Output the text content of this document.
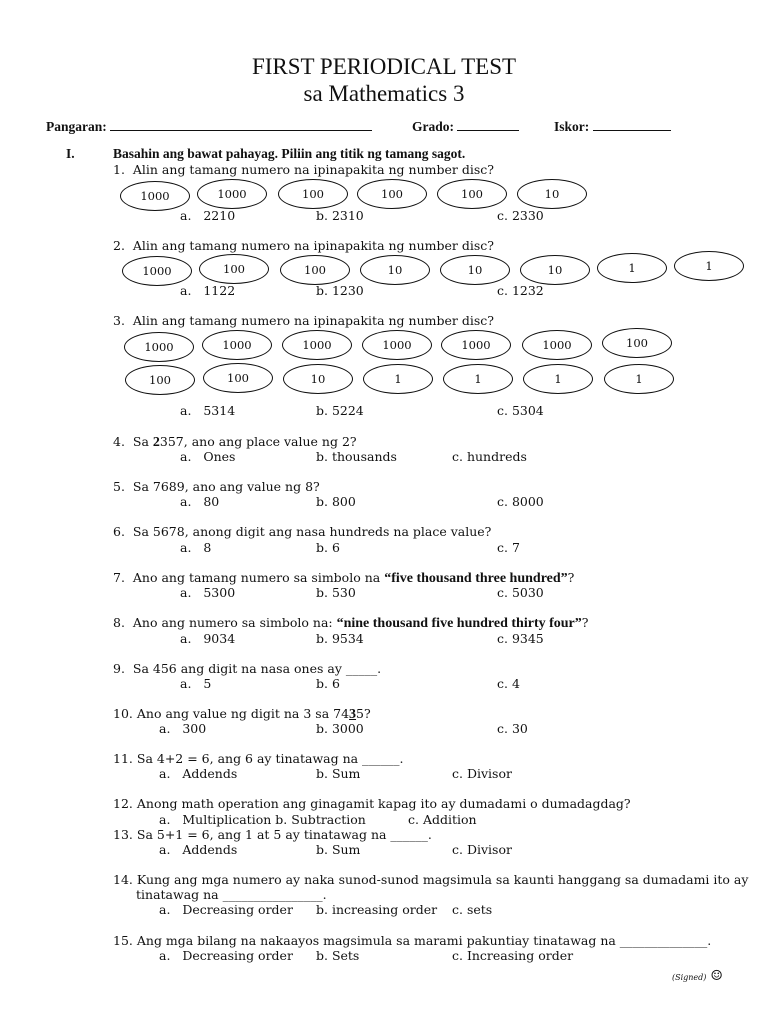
FIRST PERIODICAL TEST
sa Mathematics 3
Pangaran:	Grado:	Iskor:
I.	Basahin ang bawat pahayag. Piliin ang titik ng tamang sagot.
1. Alin ang tamang numero na ipinapakita ng number disc?
1000	1000	100	100	100	10
a. 2210	b. 2310	c. 2330
2. Alin ang tamang numero na ipinapakita ng number disc?
1000	100	100	10	10	10	1	1
a. 1122	b. 1230	c. 1232
3. Alin ang tamang numero na ipinapakita ng number disc?
1000	1000	1000	1000	1000	1000	100
100	100	10	1	1	1	1
a. 5314	b. 5224	c. 5304
4. Sa 2357, ano ang place value ng 2?
a. Ones	b. thousands	c. hundreds
5. Sa 7689, ano ang value ng 8?
a. 80	b. 800	c. 8000
6. Sa 5678, anong digit ang nasa hundreds na place value?
a. 8	b. 6	c. 7
7. Ano ang tamang numero sa simbolo na “five thousand three hundred”?
a. 5300	b. 530	c. 5030
8. Ano ang numero sa simbolo na: “nine thousand five hundred thirty four”?
a. 9034	b. 9534	c. 9345
9. Sa 456 ang digit na nasa ones ay _____.
a. 5	b. 6	c. 4
10. Ano ang value ng digit na 3 sa 7435?
a. 300	b. 3000	c. 30
11. Sa 4+2 = 6, ang 6 ay tinatawag na ______.
a. Addends	b. Sum	c. Divisor
12. Anong math operation ang ginagamit kapag ito ay dumadami o dumadagdag?
a. Multiplication b. Subtraction	c. Addition
13. Sa 5+1 = 6, ang 1 at 5 ay tinatawag na ______.
a. Addends	b. Sum	c. Divisor
14. Kung ang mga numero ay naka sunod-sunod magsimula sa kaunti hanggang sa dumadami ito ay
tinatawag na ________________.
a. Decreasing order b. increasing order c. sets
15. Ang mga bilang na nakaayos magsimula sa marami pakuntiay tinatawag na ______________.
a. Decreasing order b. Sets	c. Increasing order
(Signed) ☺
